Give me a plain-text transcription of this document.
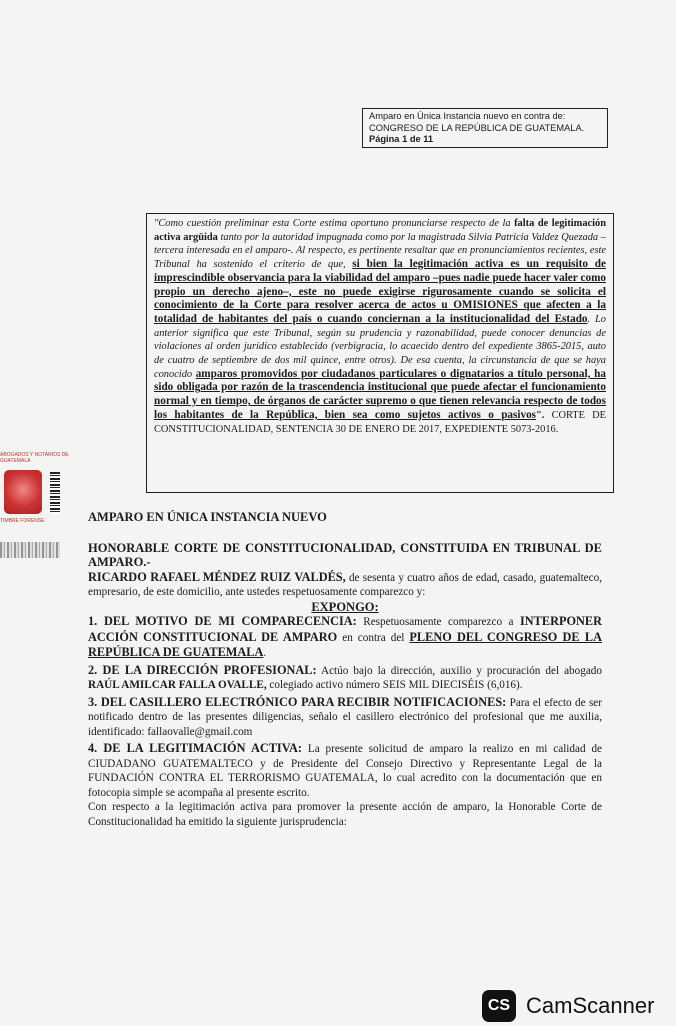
Amparo en Única Instancia nuevo en contra de:
CONGRESO DE LA REPÚBLICA DE GUATEMALA.
Página 1 de 11
"Como cuestión preliminar esta Corte estima oportuno pronunciarse respecto de la falta de legitimación activa argüida tanto por la autoridad impugnada como por la magistrada Silvia Patricia Valdez Quezada –tercera interesada en el amparo-. Al respecto, es pertinente resaltar que en pronunciamientos recientes, este Tribunal ha sostenido el criterio de que, si bien la legitimación activa es un requisito de imprescindible observancia para la viabilidad del amparo –pues nadie puede hacer valer como propio un derecho ajeno–, este no puede exigirse rigurosamente cuando se solicita el conocimiento de la Corte para resolver acerca de actos u OMISIONES que afecten a la totalidad de habitantes del país o cuando conciernan a la institucionalidad del Estado. Lo anterior significa que este Tribunal, según su prudencia y razonabilidad, puede conocer denuncias de violaciones al orden jurídico establecido (verbigracia, lo acaecido dentro del expediente 3865-2015, auto de cuatro de septiembre de dos mil quince, entre otros). De esa cuenta, la circunstancia de que se haya conocido amparos promovidos por ciudadanos particulares o dignatarios a título personal, ha sido obligada por razón de la trascendencia institucional que puede afectar el funcionamiento normal y en tiempo, de órganos de carácter supremo o que tienen relevancia respecto de todos los habitantes de la República, bien sea como sujetos activos o pasivos". CORTE DE CONSTITUCIONALIDAD, SENTENCIA 30 DE ENERO DE 2017, EXPEDIENTE 5073-2016.
ABOGADOS Y NOTARIOS DE GUATEMALA
TIMBRE FORENSE	AMPARO EN ÚNICA INSTANCIA NUEVO

HONORABLE CORTE DE CONSTITUCIONALIDAD, CONSTITUIDA EN TRIBUNAL DE AMPARO.-

RICARDO RAFAEL MÉNDEZ RUIZ VALDÉS, de sesenta y cuatro años de edad, casado, guatemalteco, empresario, de este domicilio, ante ustedes respetuosamente comparezco y:

EXPONGO:

1. DEL MOTIVO DE MI COMPARECENCIA: Respetuosamente comparezco a INTERPONER ACCIÓN CONSTITUCIONAL DE AMPARO en contra del PLENO DEL CONGRESO DE LA REPÚBLICA DE GUATEMALA.

2. DE LA DIRECCIÓN PROFESIONAL: Actúo bajo la dirección, auxilio y procuración del abogado RAÚL AMILCAR FALLA OVALLE, colegiado activo número SEIS MIL DIECISÉIS (6,016).

3. DEL CASILLERO ELECTRÓNICO PARA RECIBIR NOTIFICACIONES: Para el efecto de ser notificado dentro de las presentes diligencias, señalo el casillero electrónico del profesional que me auxilia, identificado: fallaovalle@gmail.com

4. DE LA LEGITIMACIÓN ACTIVA: La presente solicitud de amparo la realizo en mi calidad de CIUDADANO GUATEMALTECO y de Presidente del Consejo Directivo y Representante Legal de la FUNDACIÓN CONTRA EL TERRORISMO GUATEMALA, lo cual acredito con la documentación que en fotocopia simple se acompaña al presente escrito.

Con respecto a la legitimación activa para promover la presente acción de amparo, la Honorable Corte de Constitucionalidad ha emitido la siguiente jurisprudencia:

CS CamScanner
